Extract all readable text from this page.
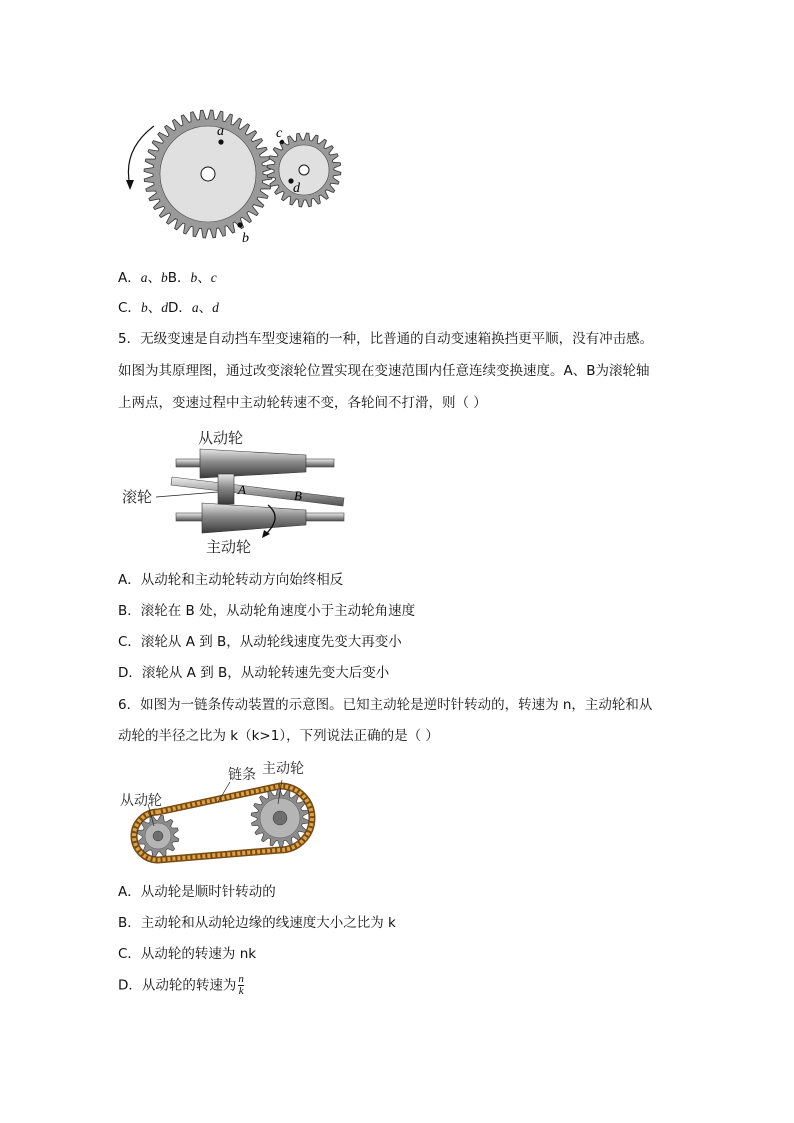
a
b
c
d
A．a、bB．b、c
C．b、dD．a、d
5．无级变速是自动挡车型变速箱的一种，比普通的自动变速箱换挡更平顺，没有冲击感。
如图为其原理图，通过改变滚轮位置实现在变速范围内任意连续变换速度。A、B为滚轮轴
上两点，变速过程中主动轮转速不变，各轮间不打滑，则（ ）
A	B
从动轮
滚轮
主动轮
A．从动轮和主动轮转动方向始终相反
B．滚轮在 B 处，从动轮角速度小于主动轮角速度
C．滚轮从 A 到 B，从动轮线速度先变大再变小
D．滚轮从 A 到 B，从动轮转速先变大后变小
6．如图为一链条传动装置的示意图。已知主动轮是逆时针转动的，转速为 n，主动轮和从
动轮的半径之比为 k（k>1），下列说法正确的是（ ）
链条 主动轮
从动轮
A．从动轮是顺时针转动的
B．主动轮和从动轮边缘的线速度大小之比为 k
C．从动轮的转速为 nk
D．从动轮的转速为 $\frac{n}{k}$
